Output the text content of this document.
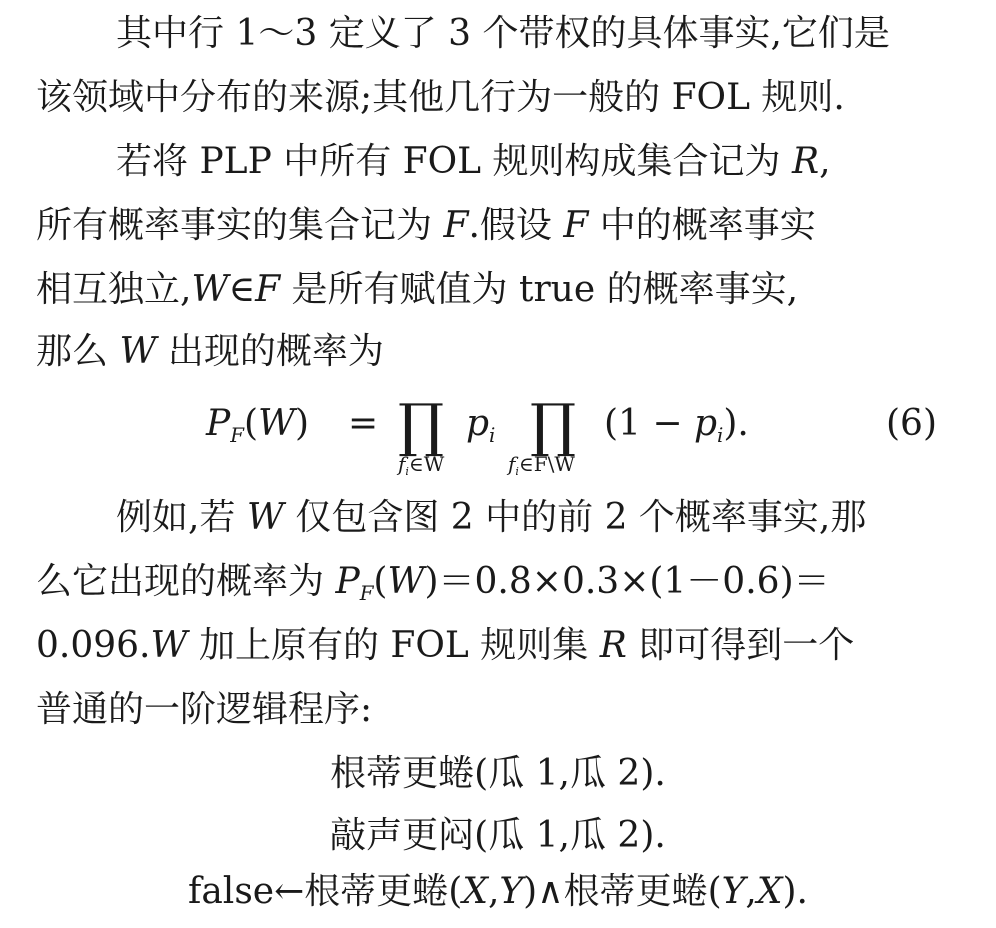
其中行 1～3 定义了 3 个带权的具体事实,它们是
该领域中分布的来源;其他几行为一般的 FOL 规则.
若将 PLP 中所有 FOL 规则构成集合记为 R,
所有概率事实的集合记为 F.假设 F 中的概率事实
相互独立,W∈F 是所有赋值为 true 的概率事实,
那么 W 出现的概率为
$P_F(W)$ = ∏
$f_i\in W$
$p_i$ ∏
$f_i\in F\backslash W$
$(1 - p_i)$.	(6)
例如,若 W 仅包含图 2 中的前 2 个概率事实,那
么它出现的概率为 $P_F(W)=0.8\times 0.3\times(1-0.6)=$
0.096.W 加上原有的 FOL 规则集 R 即可得到一个
普通的一阶逻辑程序:
根蒂更蜷(瓜 1,瓜 2).
敲声更闷(瓜 1,瓜 2).
false←根蒂更蜷(X,Y)∧根蒂更蜷(Y,X).
